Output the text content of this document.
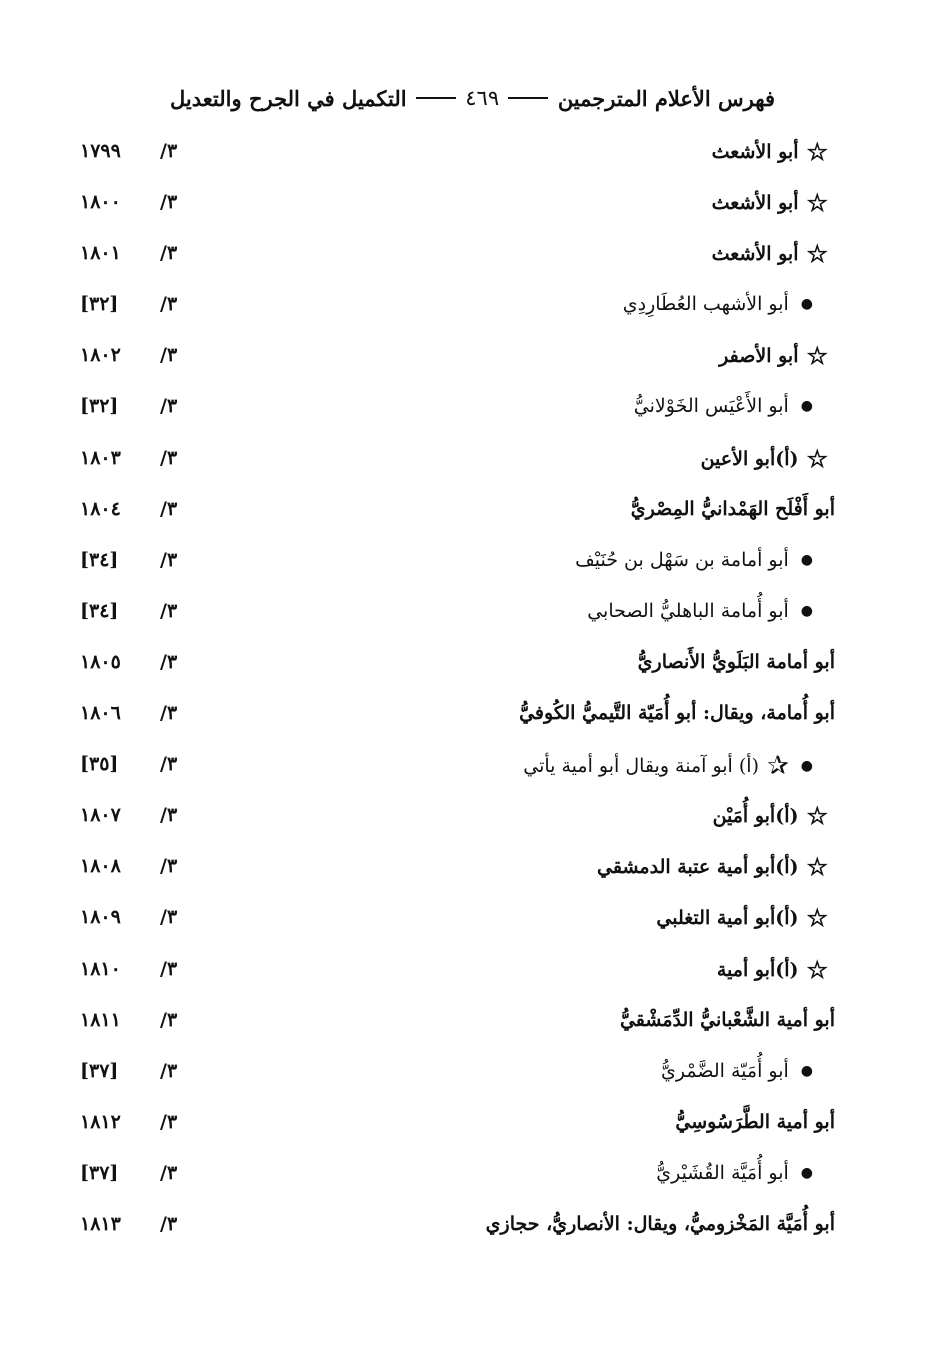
التكميل في الجرح والتعديل	٤٦٩	فهرس الأعلام المترجمين
☆
أبو الأشعث
/٣
١٧٩٩
☆
أبو الأشعث
/٣
١٨٠٠
☆
أبو الأشعث
/٣
١٨٠١
●
أبو الأشهب العُطَارِدِي
/٣
[٣٢]
☆
أبو الأصفر
/٣
١٨٠٢
●
أبو الأَعْيَس الخَوْلانيُّ
/٣
[٣٢]
☆
(أ)أبو الأعين
/٣
١٨٠٣
أبو أَفْلَح الهَمْدانيُّ المِصْريُّ
/٣
١٨٠٤
●
أبو أمامة بن سَهْل بن حُنَيْف
/٣
[٣٤]
●
أبو أُمامة الباهليُّ الصحابي
/٣
[٣٤]
أبو أمامة البَلَويُّ الأَنصاريُّ
/٣
١٨٠٥
أبو أُمامة، ويقال: أبو أُمَيّة التَّيميُّ الكُوفيُّ
/٣
١٨٠٦
●
✰
(أ) أبو آمنة ويقال أبو أمية يأتي
/٣
[٣٥]
☆
(أ)أبو أُمَيْن
/٣
١٨٠٧
☆
(أ)أبو أمية عتبة الدمشقي
/٣
١٨٠٨
☆
(أ)أبو أمية التغلبي
/٣
١٨٠٩
☆
(أ)أبو أمية
/٣
١٨١٠
أبو أمية الشَّعْبانيُّ الدِّمَشْقيُّ
/٣
١٨١١
●
أبو أُمَيّة الضَّمْريُّ
/٣
[٣٧]
أبو أمية الطَّرَسُوسِيُّ
/٣
١٨١٢
●
أبو أُمَيَّة القُشَيْريُّ
/٣
[٣٧]
أبو أُمَيَّة المَخْزوميُّ، ويقال: الأنصاريُّ، حجازي
/٣
١٨١٣
